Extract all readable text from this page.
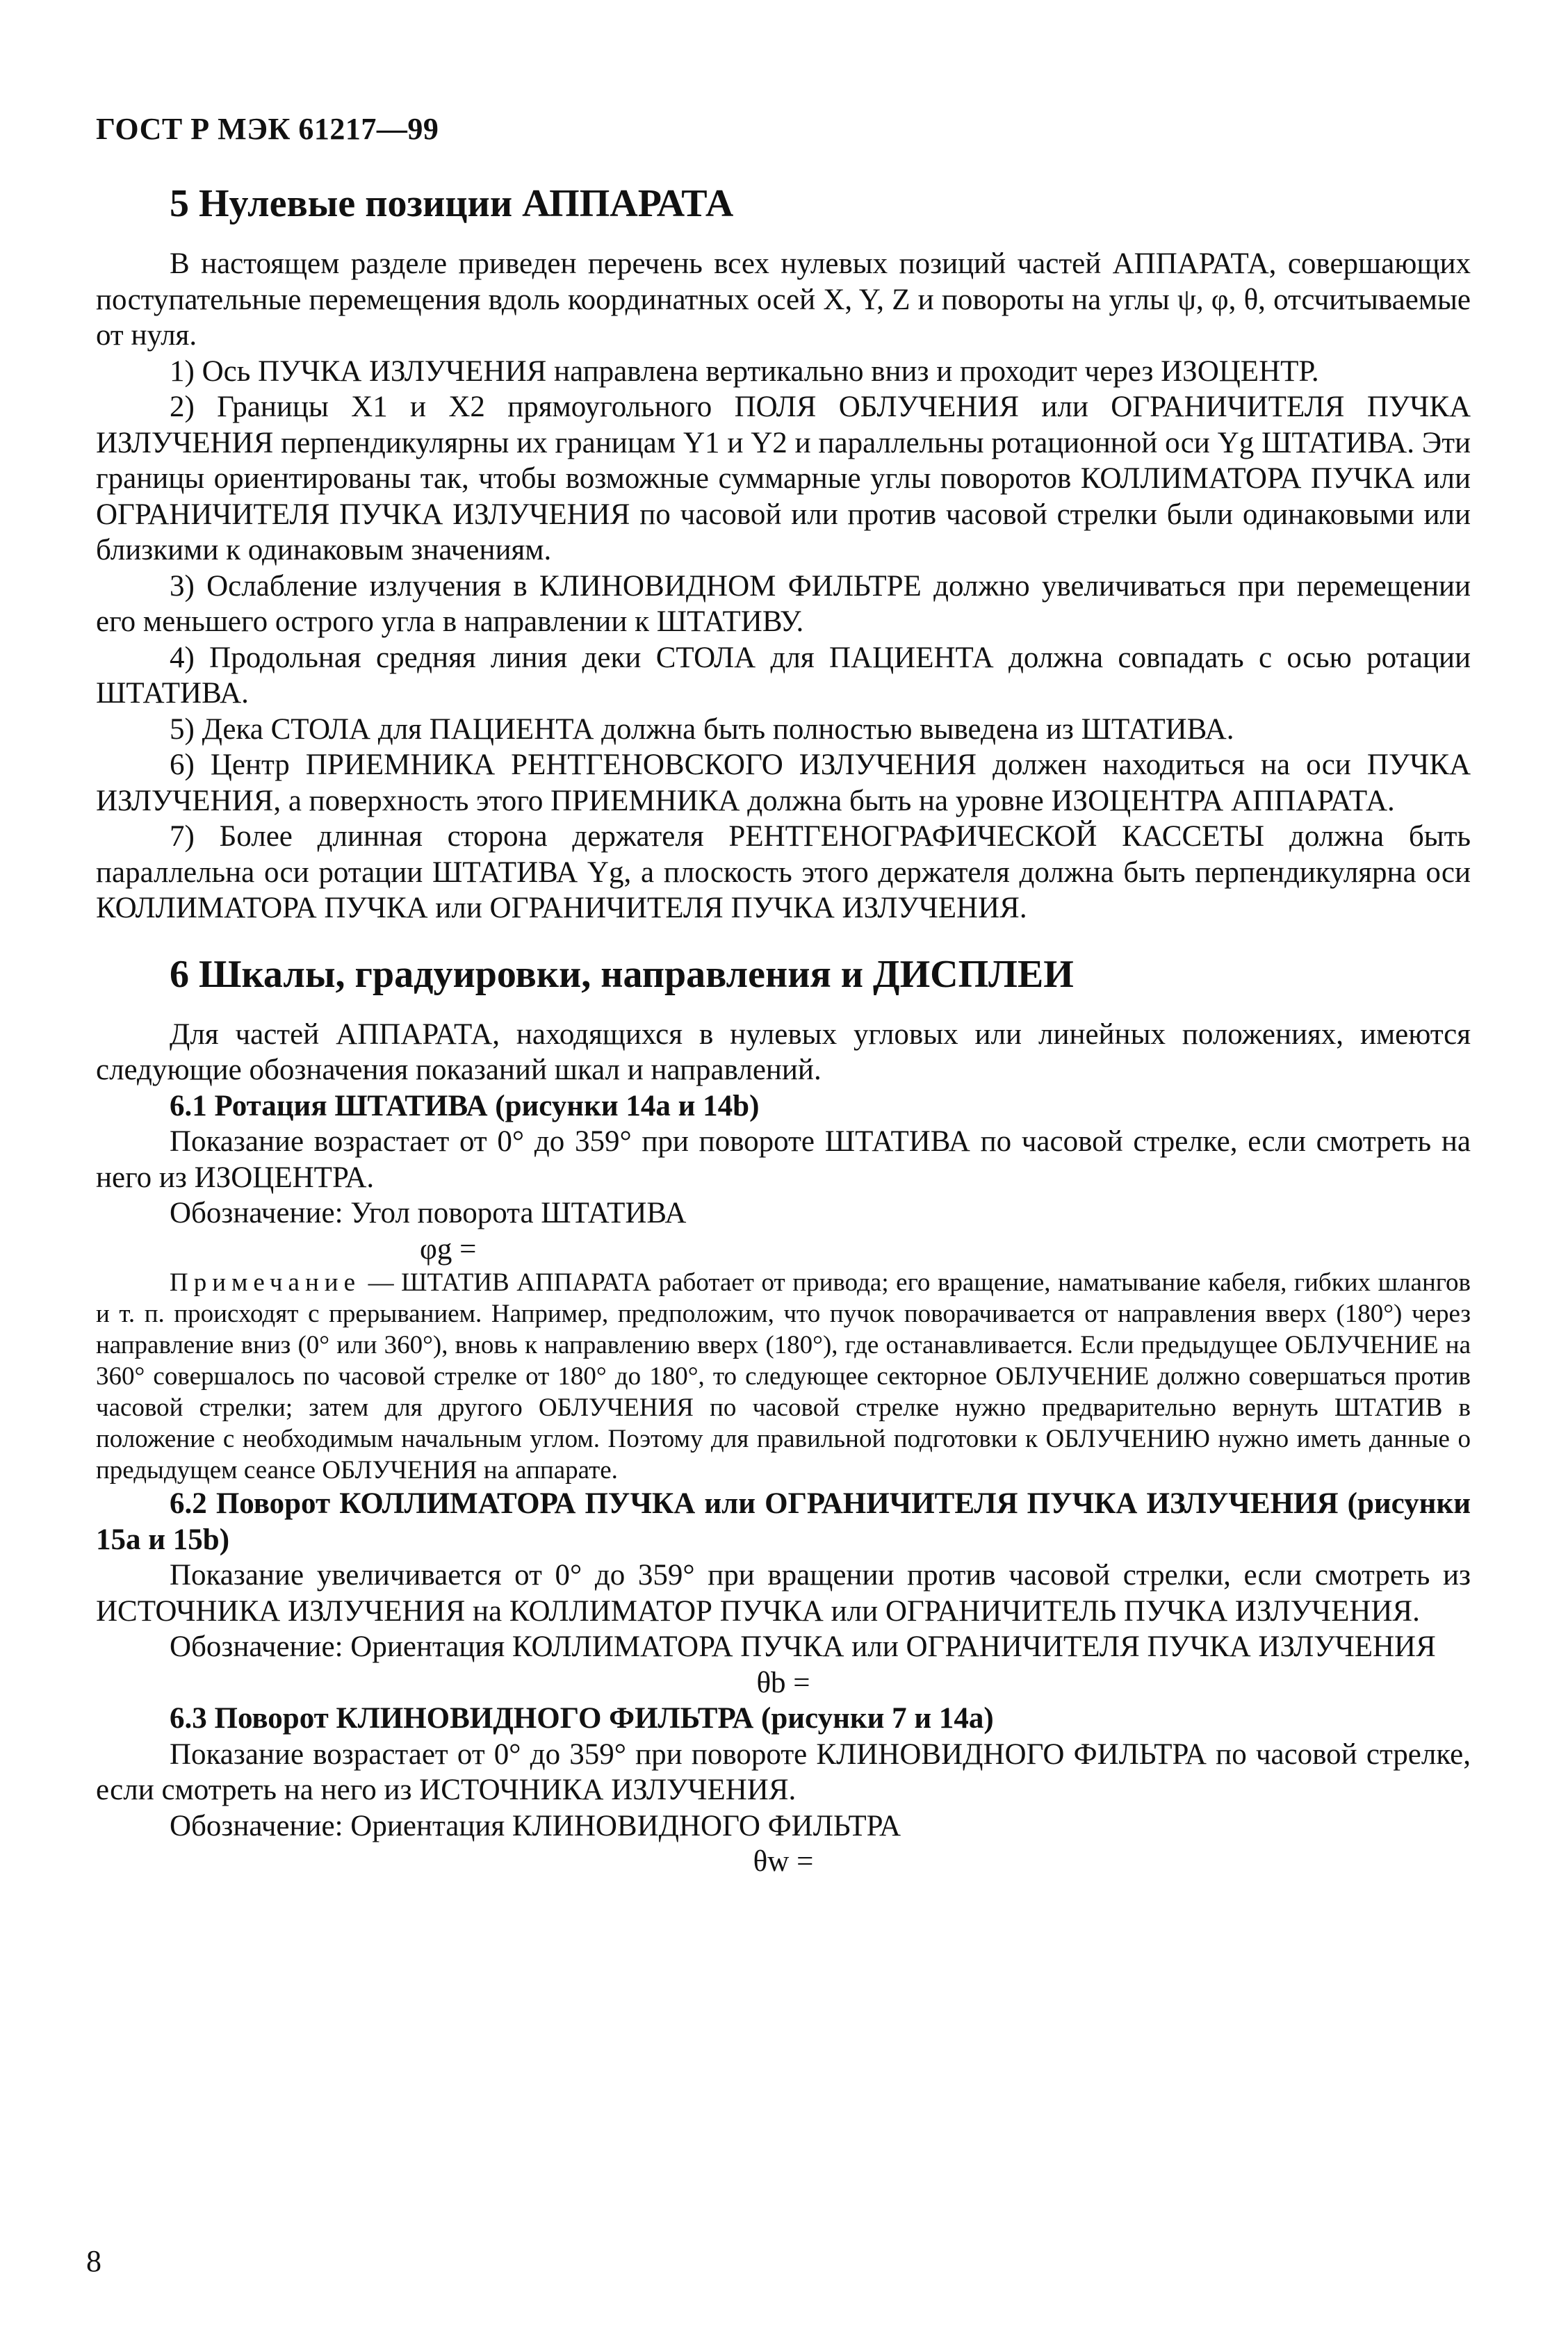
ГОСТ Р МЭК 61217—99

5 Нулевые позиции АППАРАТА

В настоящем разделе приведен перечень всех нулевых позиций частей АППАРАТА, совершающих поступательные перемещения вдоль координатных осей X, Y, Z и повороты на углы ψ, φ, θ, отсчитываемые от нуля.

1) Ось ПУЧКА ИЗЛУЧЕНИЯ направлена вертикально вниз и проходит через ИЗОЦЕНТР.

2) Границы X1 и X2 прямоугольного ПОЛЯ ОБЛУЧЕНИЯ или ОГРАНИЧИТЕЛЯ ПУЧКА ИЗЛУЧЕНИЯ перпендикулярны их границам Y1 и Y2 и параллельны ротационной оси Yg ШТАТИВА. Эти границы ориентированы так, чтобы возможные суммарные углы поворотов КОЛЛИМАТОРА ПУЧКА или ОГРАНИЧИТЕЛЯ ПУЧКА ИЗЛУЧЕНИЯ по часовой или против часовой стрелки были одинаковыми или близкими к одинаковым значениям.

3) Ослабление излучения в КЛИНОВИДНОМ ФИЛЬТРЕ должно увеличиваться при перемещении его меньшего острого угла в направлении к ШТАТИВУ.

4) Продольная средняя линия деки СТОЛА для ПАЦИЕНТА должна совпадать с осью ротации ШТАТИВА.

5) Дека СТОЛА для ПАЦИЕНТА должна быть полностью выведена из ШТАТИВА.

6) Центр ПРИЕМНИКА РЕНТГЕНОВСКОГО ИЗЛУЧЕНИЯ должен находиться на оси ПУЧКА ИЗЛУЧЕНИЯ, а поверхность этого ПРИЕМНИКА должна быть на уровне ИЗОЦЕНТРА АППАРАТА.

7) Более длинная сторона держателя РЕНТГЕНОГРАФИЧЕСКОЙ КАССЕТЫ должна быть параллельна оси ротации ШТАТИВА Yg, а плоскость этого держателя должна быть перпендикулярна оси КОЛЛИМАТОРА ПУЧКА или ОГРАНИЧИТЕЛЯ ПУЧКА ИЗЛУЧЕНИЯ.

6 Шкалы, градуировки, направления и ДИСПЛЕИ

Для частей АППАРАТА, находящихся в нулевых угловых или линейных положениях, имеются следующие обозначения показаний шкал и направлений.

6.1 Ротация ШТАТИВА (рисунки 14a и 14b)

Показание возрастает от 0° до 359° при повороте ШТАТИВА по часовой стрелке, если смотреть на него из ИЗОЦЕНТРА.

Обозначение: Угол поворота ШТАТИВА

φg =

Примечание — ШТАТИВ АППАРАТА работает от привода; его вращение, наматывание кабеля, гибких шлангов и т. п. происходят с прерыванием. Например, предположим, что пучок поворачивается от направления вверх (180°) через направление вниз (0° или 360°), вновь к направлению вверх (180°), где останавливается. Если предыдущее ОБЛУЧЕНИЕ на 360° совершалось по часовой стрелке от 180° до 180°, то следующее секторное ОБЛУЧЕНИЕ должно совершаться против часовой стрелки; затем для другого ОБЛУЧЕНИЯ по часовой стрелке нужно предварительно вернуть ШТАТИВ в положение с необходимым начальным углом. Поэтому для правильной подготовки к ОБЛУЧЕНИЮ нужно иметь данные о предыдущем сеансе ОБЛУЧЕНИЯ на аппарате.

6.2 Поворот КОЛЛИМАТОРА ПУЧКА или ОГРАНИЧИТЕЛЯ ПУЧКА ИЗЛУЧЕНИЯ (рисунки 15a и 15b)

Показание увеличивается от 0° до 359° при вращении против часовой стрелки, если смотреть из ИСТОЧНИКА ИЗЛУЧЕНИЯ на КОЛЛИМАТОР ПУЧКА или ОГРАНИЧИТЕЛЬ ПУЧКА ИЗЛУЧЕНИЯ.

Обозначение: Ориентация КОЛЛИМАТОРА ПУЧКА или ОГРАНИЧИТЕЛЯ ПУЧКА ИЗЛУЧЕНИЯ

θb =

6.3 Поворот КЛИНОВИДНОГО ФИЛЬТРА (рисунки 7 и 14a)

Показание возрастает от 0° до 359° при повороте КЛИНОВИДНОГО ФИЛЬТРА по часовой стрелке, если смотреть на него из ИСТОЧНИКА ИЗЛУЧЕНИЯ.

Обозначение: Ориентация КЛИНОВИДНОГО ФИЛЬТРА

θw =

8
